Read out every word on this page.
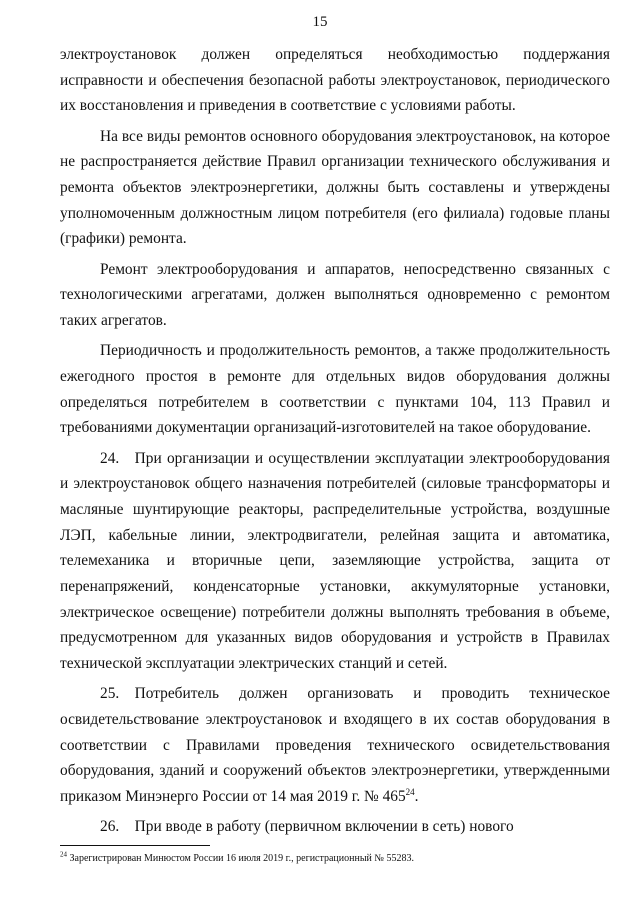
15

электроустановок должен определяться необходимостью поддержания исправности и обеспечения безопасной работы электроустановок, периодического их восстановления и приведения в соответствие с условиями работы.

На все виды ремонтов основного оборудования электроустановок, на которое не распространяется действие Правил организации технического обслуживания и ремонта объектов электроэнергетики, должны быть составлены и утверждены уполномоченным должностным лицом потребителя (его филиала) годовые планы (графики) ремонта.

Ремонт электрооборудования и аппаратов, непосредственно связанных с технологическими агрегатами, должен выполняться одновременно с ремонтом таких агрегатов.

Периодичность и продолжительность ремонтов, а также продолжительность ежегодного простоя в ремонте для отдельных видов оборудования должны определяться потребителем в соответствии с пунктами 104, 113 Правил и требованиями документации организаций-изготовителей на такое оборудование.

24. При организации и осуществлении эксплуатации электрооборудования и электроустановок общего назначения потребителей (силовые трансформаторы и масляные шунтирующие реакторы, распределительные устройства, воздушные ЛЭП, кабельные линии, электродвигатели, релейная защита и автоматика, телемеханика и вторичные цепи, заземляющие устройства, защита от перенапряжений, конденсаторные установки, аккумуляторные установки, электрическое освещение) потребители должны выполнять требования в объеме, предусмотренном для указанных видов оборудования и устройств в Правилах технической эксплуатации электрических станций и сетей.

25. Потребитель должен организовать и проводить техническое освидетельствование электроустановок и входящего в их состав оборудования в соответствии с Правилами проведения технического освидетельствования оборудования, зданий и сооружений объектов электроэнергетики, утвержденными приказом Минэнерго России от 14 мая 2019 г. № $465^{24}$.

26. При вводе в работу (первичном включении в сеть) нового

$^{24}$ Зарегистрирован Минюстом России 16 июля 2019 г., регистрационный № 55283.
